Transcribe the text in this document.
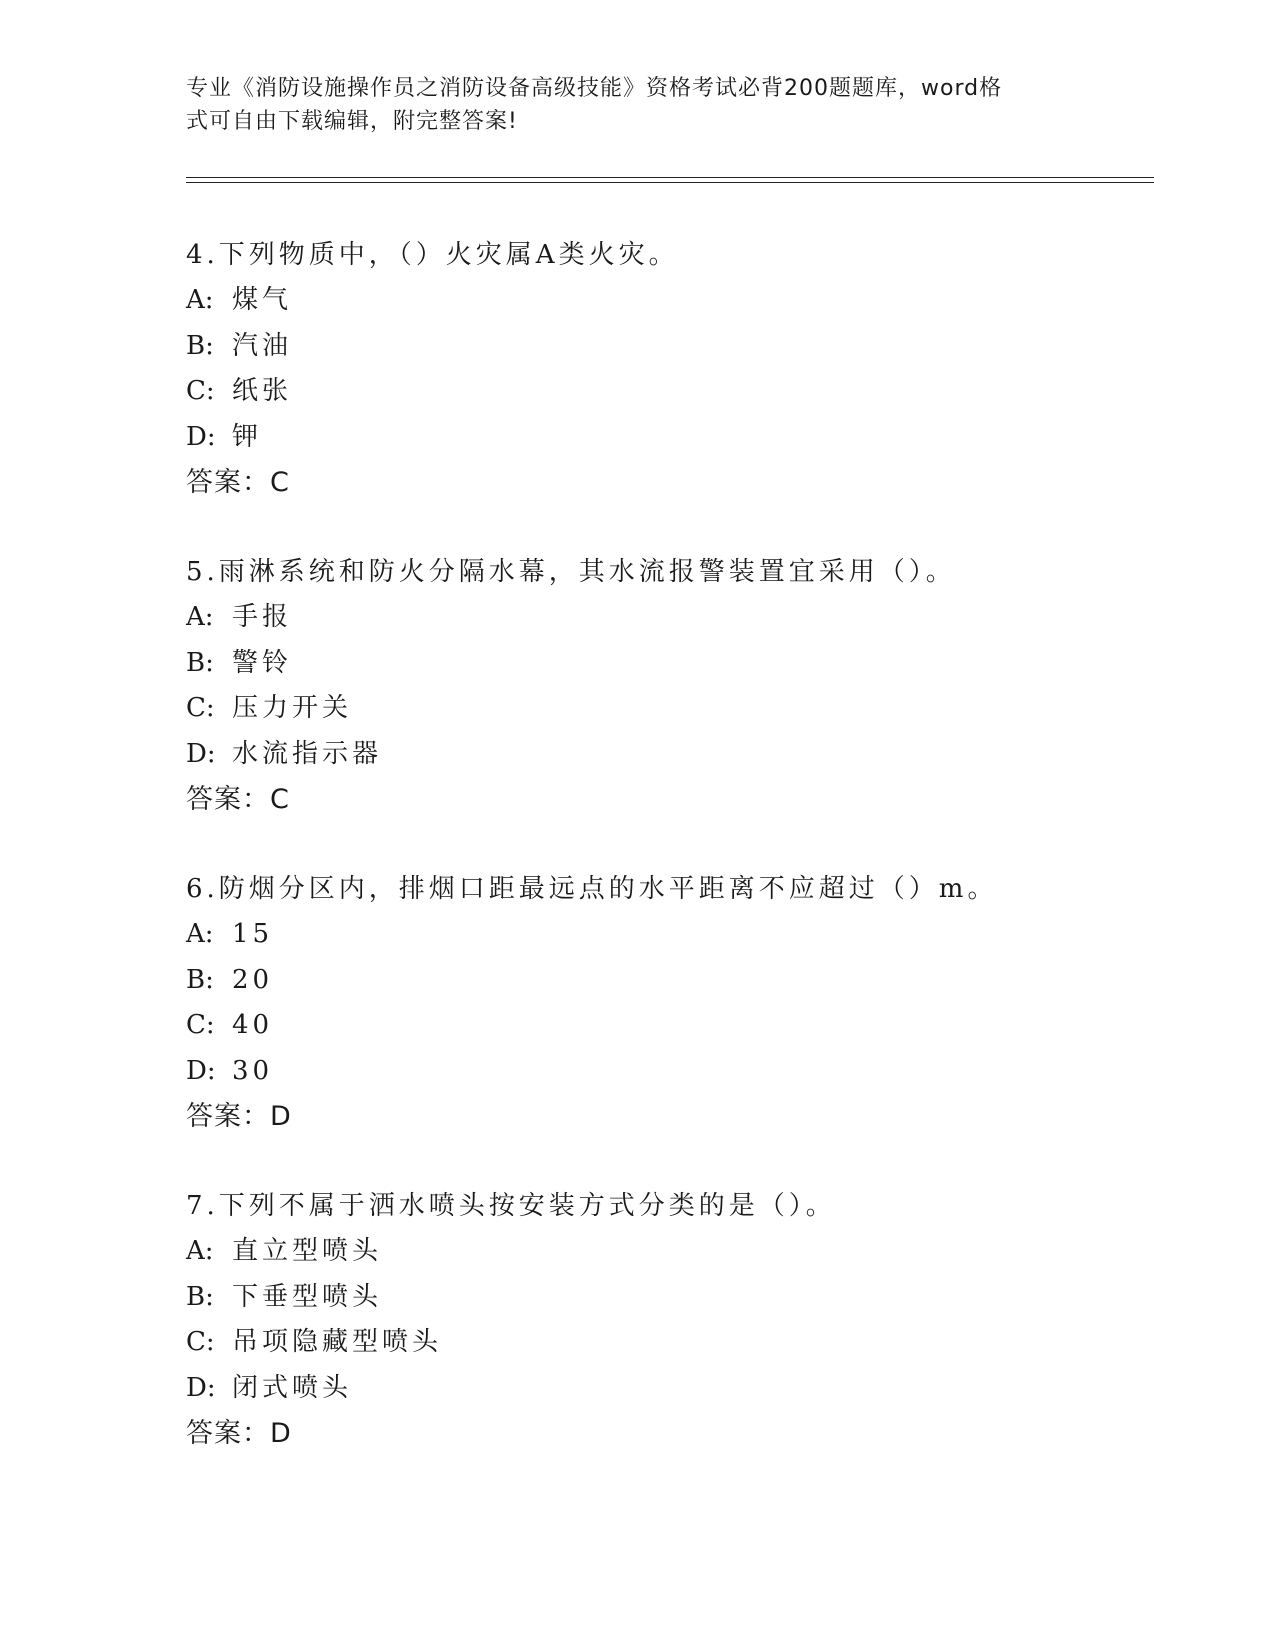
专业《消防设施操作员之消防设备高级技能》资格考试必背200题题库，word格
式可自由下载编辑，附完整答案!
4.下列物质中，（）火灾属A类火灾。
A: 煤气
B: 汽油
C: 纸张
D: 钾
答案：C
5.雨淋系统和防火分隔水幕，其水流报警装置宜采用（）。
A: 手报
B: 警铃
C: 压力开关
D: 水流指示器
答案：C
6.防烟分区内，排烟口距最远点的水平距离不应超过（）m。
A: 15
B: 20
C: 40
D: 30
答案：D
7.下列不属于洒水喷头按安装方式分类的是（）。
A: 直立型喷头
B: 下垂型喷头
C: 吊项隐藏型喷头
D: 闭式喷头
答案：D
